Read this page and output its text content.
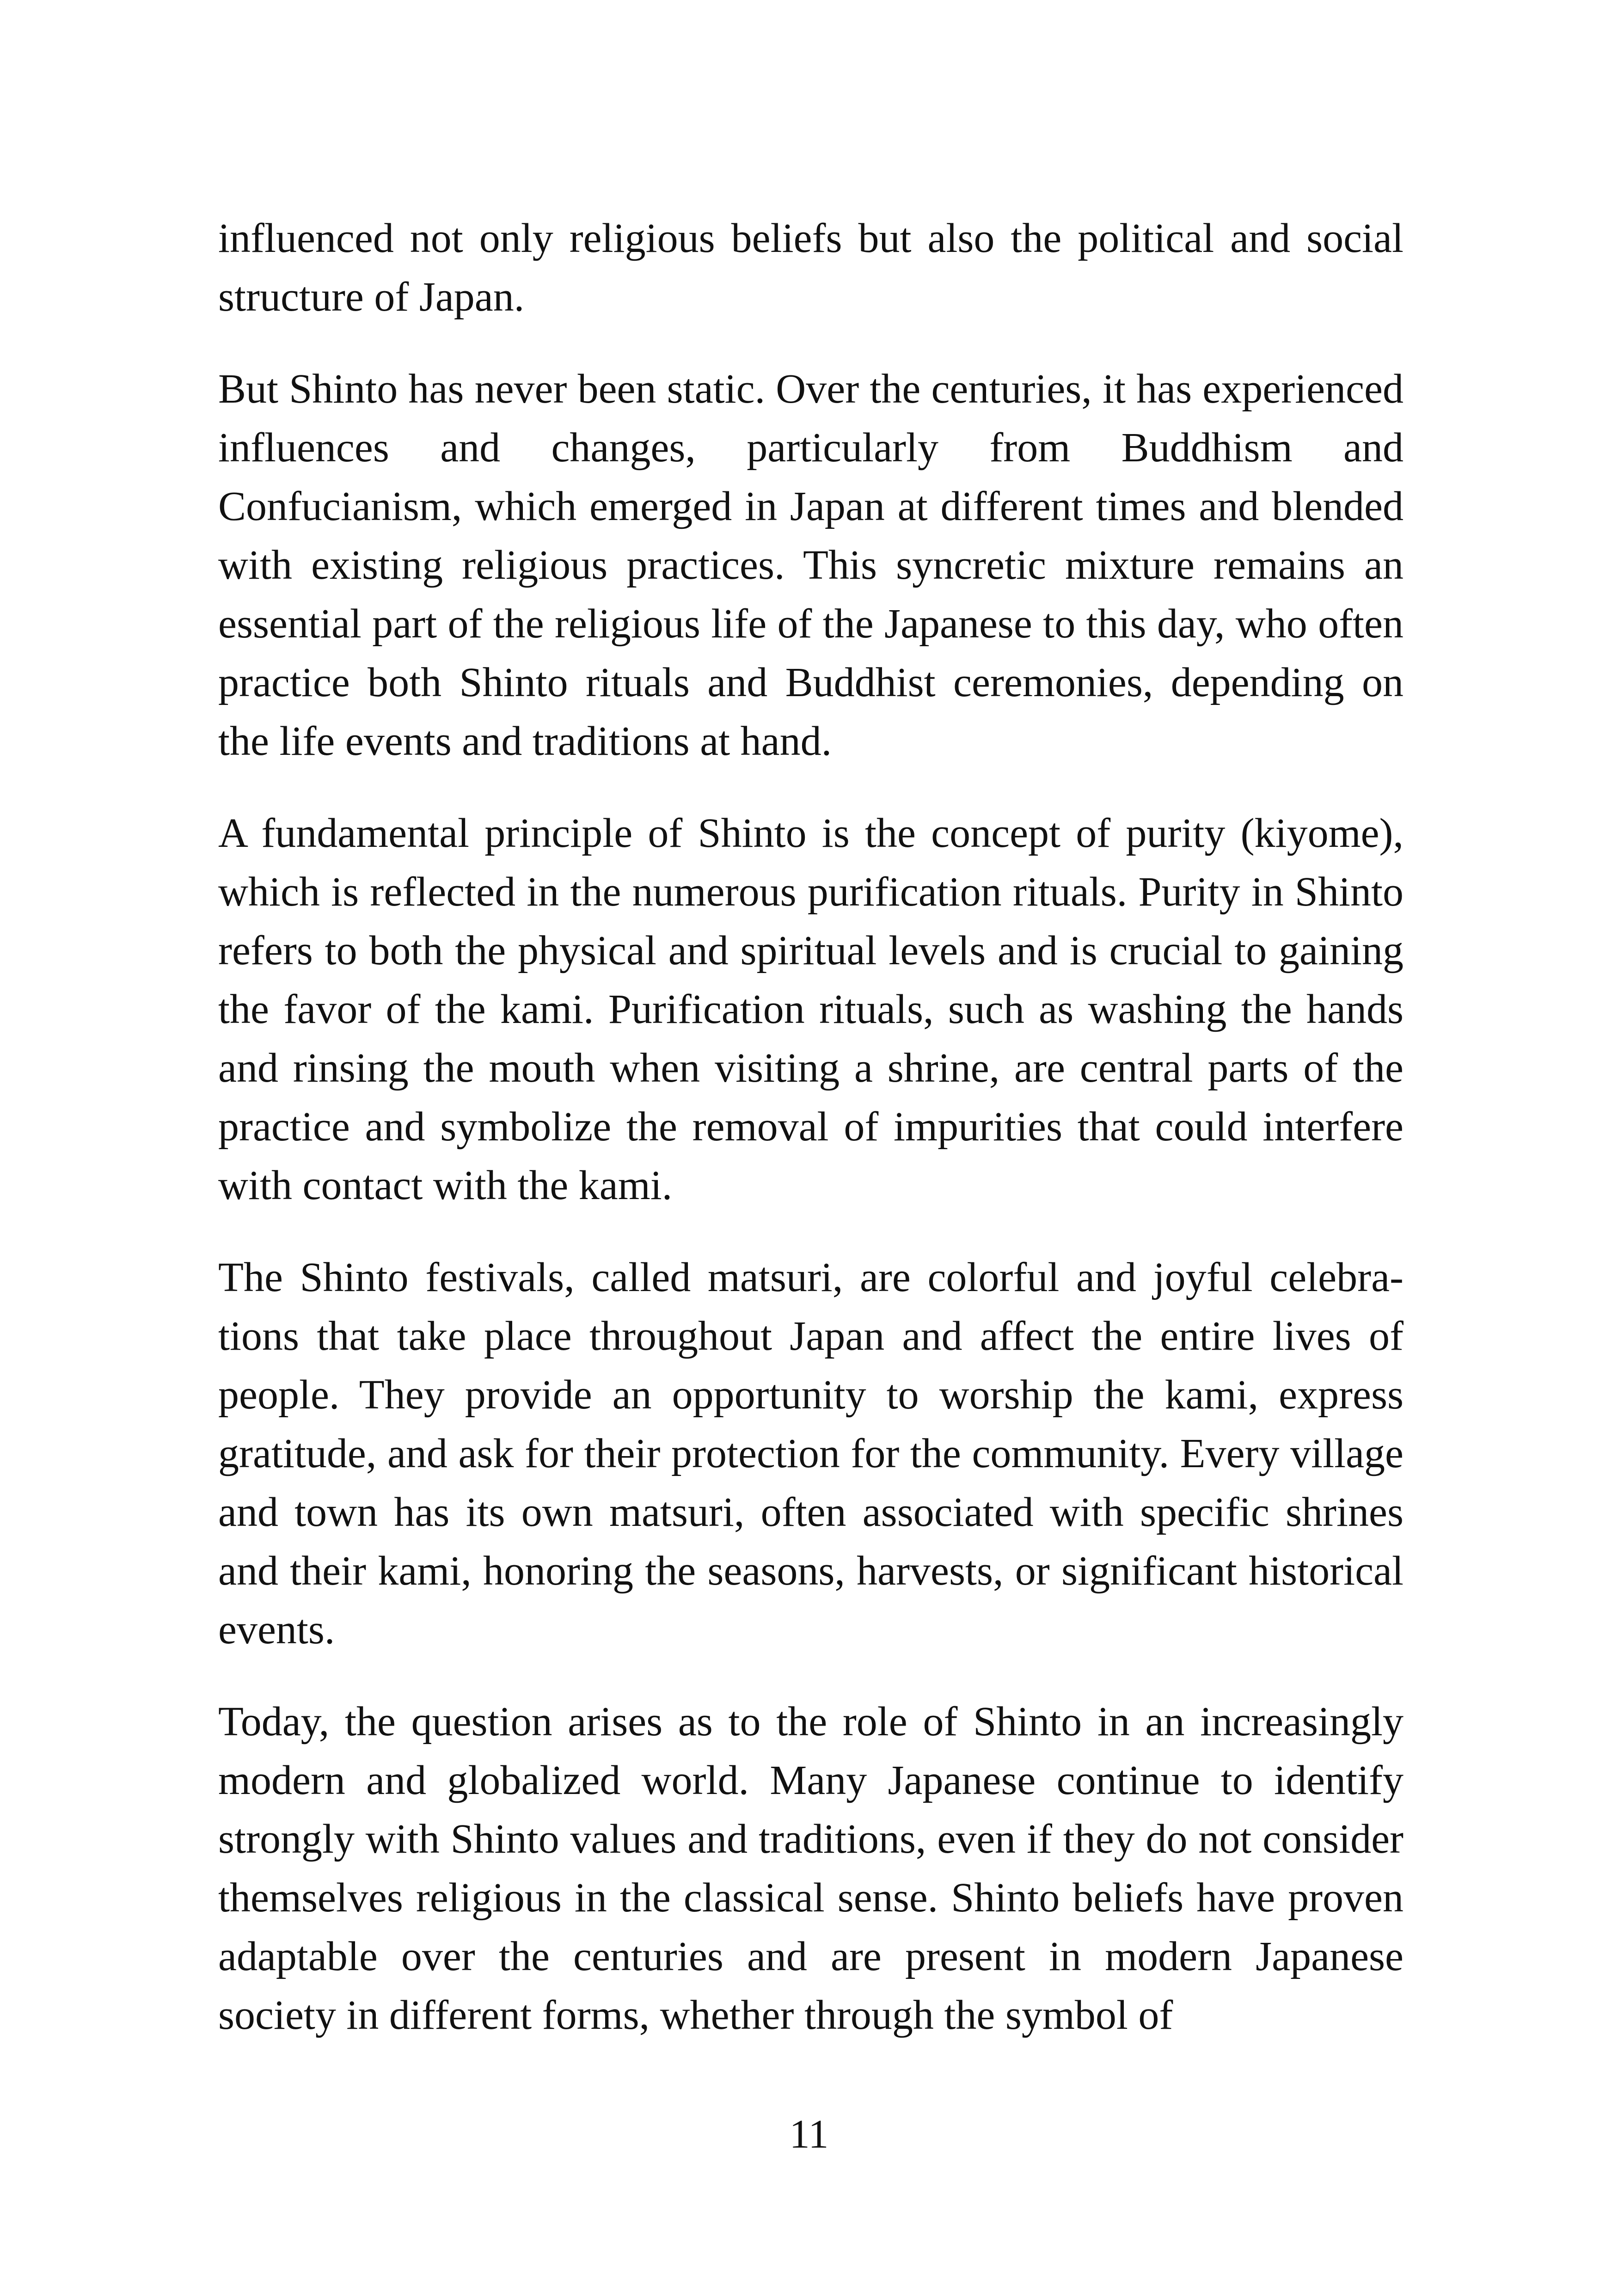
influenced not only religious beliefs but also the political and social structure of Japan.

But Shinto has never been static. Over the centuries, it has experienced influences and changes, particularly from Buddhism and Confucianism, which emerged in Japan at different times and blended with existing religious practices. This syncretic mixture remains an essential part of the religious life of the Japanese to this day, who often practice both Shinto rituals and Buddhist ceremonies, depending on the life events and traditions at hand.

A fundamental principle of Shinto is the concept of purity (kiyome), which is reflected in the numerous purification rituals. Purity in Shinto refers to both the physical and spiritual levels and is crucial to gaining the favor of the kami. Purification rituals, such as washing the hands and rinsing the mouth when visiting a shrine, are central parts of the practice and symbolize the removal of impurities that could interfere with contact with the kami.

The Shinto festivals, called matsuri, are colorful and joyful celebrations that take place throughout Japan and affect the entire lives of people. They provide an opportunity to worship the kami, express gratitude, and ask for their protection for the community. Every village and town has its own matsuri, often associated with specific shrines and their kami, honoring the seasons, harvests, or significant historical events.

Today, the question arises as to the role of Shinto in an increasingly modern and globalized world. Many Japanese continue to identify strongly with Shinto values and traditions, even if they do not consider themselves religious in the classical sense. Shinto beliefs have proven adaptable over the centuries and are present in modern Japanese society in different forms, whether through the symbol of

11
